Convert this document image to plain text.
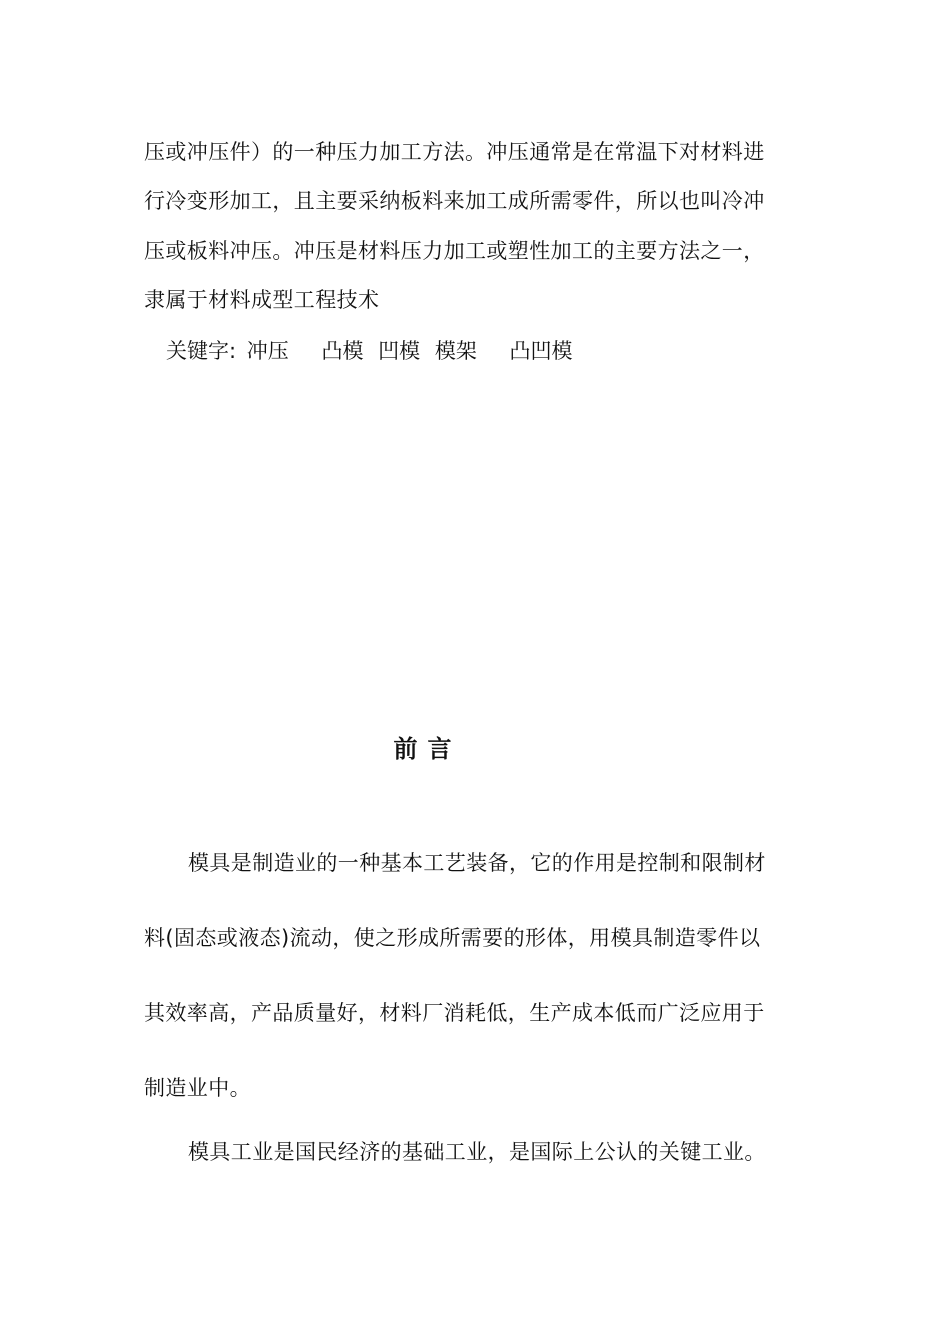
压或冲压件）的一种压力加工方法。冲压通常是在常温下对材料进
行冷变形加工，且主要采纳板料来加工成所需零件，所以也叫冷冲
压或板料冲压。冲压是材料压力加工或塑性加工的主要方法之一，
隶属于材料成型工程技术
关键字: 冲压 凸模 凹模 模架 凸凹模
前言
模具是制造业的一种基本工艺装备，它的作用是控制和限制材
料(固态或液态)流动，使之形成所需要的形体，用模具制造零件以
其效率高，产品质量好，材料厂消耗低，生产成本低而广泛应用于
制造业中。
模具工业是国民经济的基础工业，是国际上公认的关键工业。
